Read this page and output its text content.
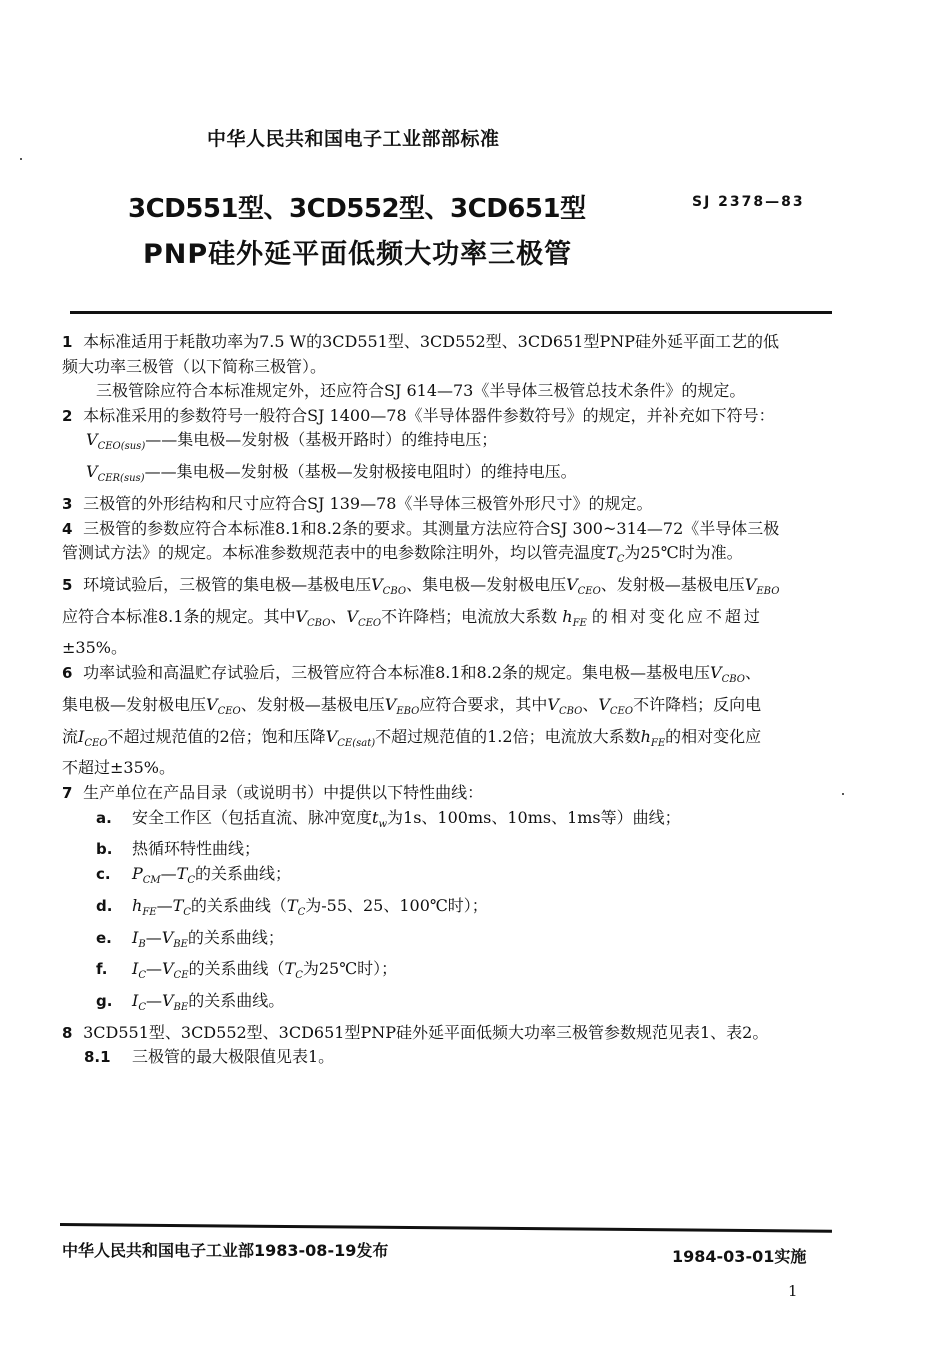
中华人民共和国电子工业部部标准
3CD551型、3CD552型、3CD651型
PNP硅外延平面低频大功率三极管
SJ 2378—83

1 本标准适用于耗散功率为7.5 W的3CD551型、3CD552型、3CD651型PNP硅外延平面工艺的低

频大功率三极管（以下简称三极管）。

三极管除应符合本标准规定外，还应符合SJ 614—73《半导体三极管总技术条件》的规定。

2 本标准采用的参数符号一般符合SJ 1400—78《半导体器件参数符号》的规定，并补充如下符号：

$V_{CEO(sus)}——$集电极—发射极（基极开路时）的维持电压；

$V_{CER(sus)}——$集电极—发射极（基极—发射极接电阻时）的维持电压。

3 三极管的外形结构和尺寸应符合SJ 139—78《半导体三极管外形尺寸》的规定。

4 三极管的参数应符合本标准8.1和8.2条的要求。其测量方法应符合SJ 300~314—72《半导体三极

管测试方法》的规定。本标准参数规范表中的电参数除注明外，均以管壳温度$T_C$为25℃时为准。

5 环境试验后，三极管的集电极—基极电压$V_{CBO}$、集电极—发射极电压$V_{CEO}$、发射极—基极电压$V_{EBO}$

应符合本标准8.1条的规定。其中$V_{CBO}$、$V_{CEO}$不许降档；电流放大系数 $h_{FE}$ 的相对变化应不超过

±35%。

6 功率试验和高温贮存试验后，三极管应符合本标准8.1和8.2条的规定。集电极—基极电压$V_{CBO}$、

集电极—发射极电压$V_{CEO}$、发射极—基极电压$V_{EBO}$应符合要求，其中$V_{CBO}$、$V_{CEO}$不许降档；反向电

流$I_{CEO}$不超过规范值的2倍；饱和压降$V_{CE(sat)}$不超过规范值的1.2倍；电流放大系数$h_{FE}$的相对变化应

不超过±35%。

7 生产单位在产品目录（或说明书）中提供以下特性曲线：

a. 安全工作区（包括直流、脉冲宽度$t_w$为1s、100ms、10ms、1ms等）曲线；

b. 热循环特性曲线；

c. $P_{CM}—T_C$的关系曲线；

d. $h_{FE}—T_C$的关系曲线（$T_C$为-55、25、100℃时）；

e. $I_B—V_{BE}$的关系曲线；

f. $I_C—V_{CE}$的关系曲线（$T_C$为25℃时）；

g. $I_C—V_{BE}$的关系曲线。

8 3CD551型、3CD552型、3CD651型PNP硅外延平面低频大功率三极管参数规范见表1、表2。

8.1 三极管的最大极限值见表1。

中华人民共和国电子工业部1983-08-19发布	1984-03-01实施
1
